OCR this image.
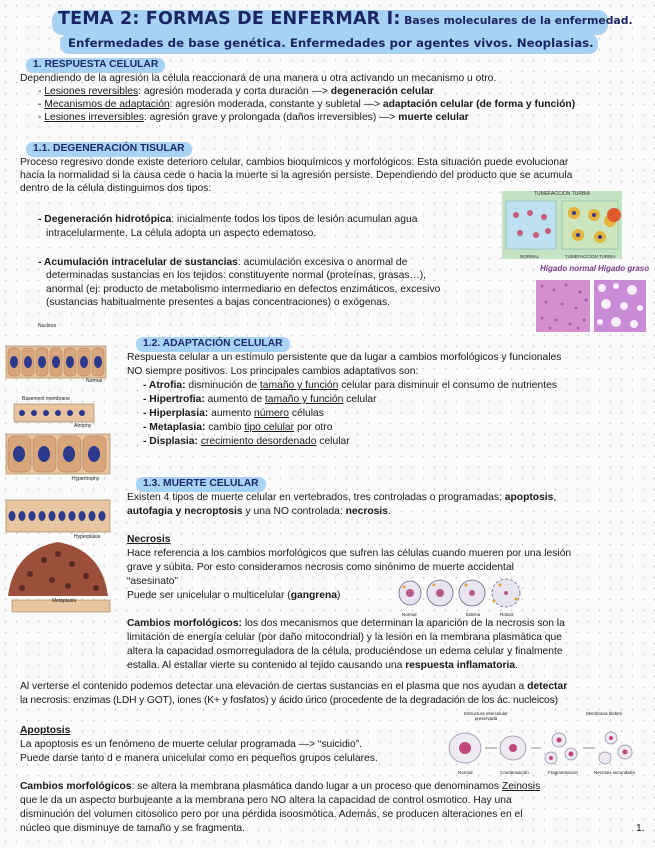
TEMA 2: FORMAS DE ENFERMAR I: Bases moleculares de la enfermedad.
Enfermedades de base genética. Enfermedades por agentes vivos. Neoplasias.
1. RESPUESTA CELULAR
Dependiendo de la agresión la célula reaccionará de una manera u otra activando un mecanismo u otro.
- Lesiones reversibles: agresión moderada y corta duración —> degeneración celular
- Mecanismos de adaptación: agresión moderada, constante y subletal —> adaptación celular (de forma y función)
- Lesiones irreversibles: agresión grave y prolongada (daños irreversibles) —> muerte celular
1.1. DEGENERACIÓN TISULAR
Proceso regresivo donde existe deterioro celular, cambios bioquímicos y morfológicos. Esta situación puede evolucionar
hacia la normalidad si la causa cede o hacia la muerte si la agresión persiste. Dependiendo del producto que se acumula
dentro de la célula distinguimos dos tipos:
- Degeneración hidrotópica: inicialmente todos los tipos de lesión acumulan agua
intracelularmente. La célula adopta un aspecto edematoso.
- Acumulación intracelular de sustancias: acumulación excesiva o anormal de
determinadas sustancias en los tejidos: constituyente normal (proteínas, grasas…),
anormal (ej: producto de metabolismo intermediario en defectos enzimáticos, excesivo
(sustancias habitualmente presentes a bajas concentraciones) o exógenas.
TUMEFACCION TURBIA
NORMAL	TUMEFACCION TURBIA
Higado normal Higado graso
Nucleus
Normal
Basement membrane
Atrophy
Hypertrophy
Hyperplasia
Metaplasia
1.2. ADAPTACIÓN CELULAR
Respuesta celular a un estímulo persistente que da lugar a cambios morfológicos y funcionales
NO siempre positivos. Los principales cambios adaptativos son:
- Atrofia: disminución de tamaño y función celular para disminuir el consumo de nutrientes
- Hipertrofia: aumento de tamaño y función celular
- Hiperplasia: aumento número células
- Metaplasia: cambio tipo celular por otro
- Displasia: crecimiento desordenado celular
1.3. MUERTE CELULAR
Existen 4 tipos de muerte celular en vertebrados, tres controladas o programadas: apoptosis,
autofagia y necroptosis y una NO controlada: necrosis.
Necrosis
Hace referencia a los cambios morfológicos que sufren las células cuando mueren por una lesión
grave y súbita. Por esto consideramos necrosis como sinónimo de muerte accidental
“asesinato”
Puede ser unicelular o multicelular (gangrena)
Normal	Edema	Rotura
Cambios morfológicos: los dos mecanismos que determinan la aparición de la necrosis son la
limitación de energía celular (por daño mitocondrial) y la lesión en la membrana plasmática que
altera la capacidad osmorreguladora de la célula, produciéndose un edema celular y finalmente
estalla. Al estallar vierte su contenido al tejido causando una respuesta inflamatoria.
Al verterse el contenido podemos detectar una elevación de ciertas sustancias en el plasma que nos ayudan a detectar
la necrosis: enzimas (LDH y GOT), iones (K+ y fosfatos) y ácido úrico (procedente de la degradación de los ác. nucleicos)
Apoptosis
La apoptosis es un fenómeno de muerte celular programada —> “suicidio”.
Puede darse tanto d e manera unicelular como en pequeños grupos celulares.
Estructura intercelular preservada
Membrana blebes
Normal	Condensación	Fragmentación	Necrosis secundaria
Cambios morfológicos: se altera la membrana plasmática dando lugar a un proceso que denominamos Zeinosis
que le da un aspecto burbujeante a la membrana pero NO altera la capacidad de control osmotico. Hay una
disminución del volumen citosolico pero por una pérdida isoosmótica. Además, se producen alteraciones en el
núcleo que disminuye de tamaño y se fragmenta.	1.
